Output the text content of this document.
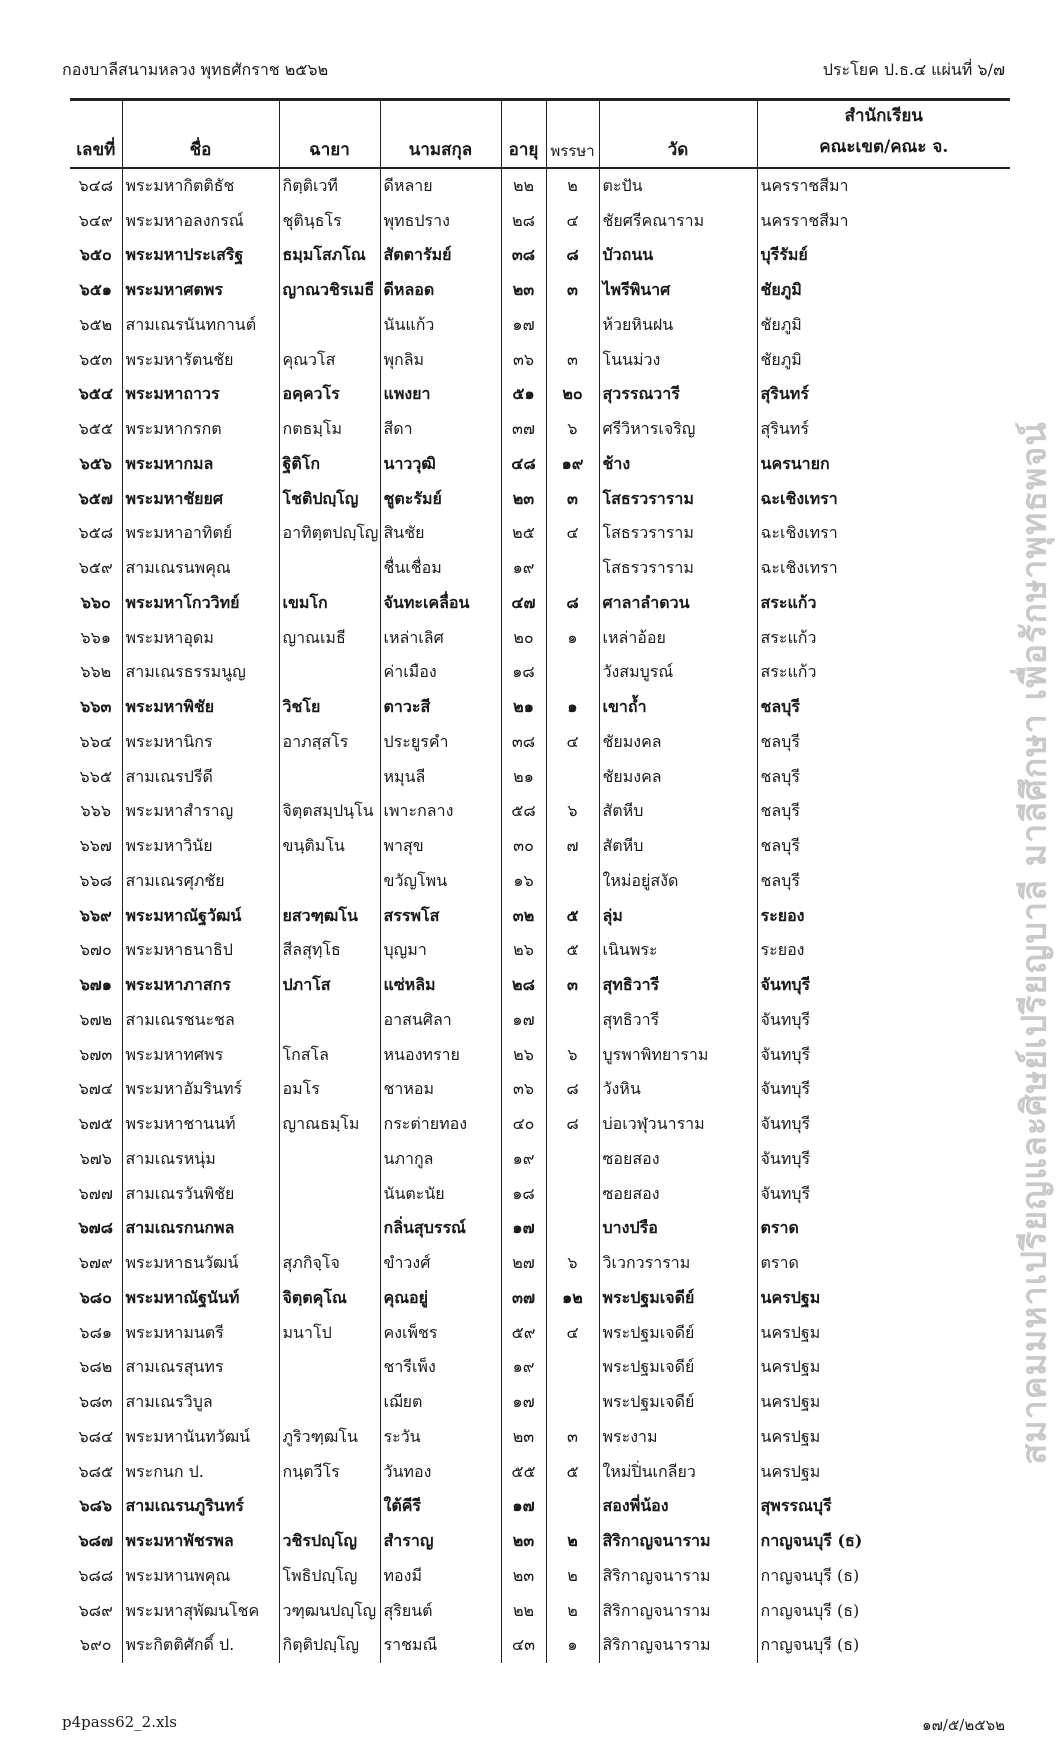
กองบาลีสนามหลวง พุทธศักราช ๒๕๖๒	ประโยค ป.ธ.๔ แผ่นที่ ๖/๗
เลขที่	ชื่อ	ฉายา	นามสกุล	อายุ	พรรษา	วัด	สำนักเรียน
คณะเขต/คณะ จ.

๖๔๘	พระมหากิตติธัช	กิตฺติเวที	ดีหลาย	๒๒	๒	ตะปัน	นครราชสีมา
๖๔๙	พระมหาอลงกรณ์	ชุตินฺธโร	พุทธปราง	๒๘	๔	ชัยศรีคณาราม	นครราชสีมา
๖๕๐	พระมหาประเสริฐ	ธมฺมโสภโณ	สัตตารัมย์	๓๘	๘	บัวถนน	บุรีรัมย์
๖๕๑	พระมหาศตพร	ญาณวชิรเมธี	ดีหลอด	๒๓	๓	ไพรีพินาศ	ชัยภูมิ
๖๕๒	สามเณรนันทกานต์		นันแก้ว	๑๗		ห้วยหินฝน	ชัยภูมิ
๖๕๓	พระมหารัตนชัย	คุณวโส	พุกลิม	๓๖	๓	โนนม่วง	ชัยภูมิ
๖๕๔	พระมหาถาวร	อคฺควโร	แพงยา	๕๑	๒๐	สุวรรณวารี	สุรินทร์
๖๕๕	พระมหากรกต	กตธมฺโม	สีดา	๓๗	๖	ศรีวิหารเจริญ	สุรินทร์
๖๕๖	พระมหากมล	ฐิติโก	นาววุฒิ	๔๘	๑๙	ช้าง	นครนายก
๖๕๗	พระมหาชัยยศ	โชติปญฺโญ	ชูตะรัมย์	๒๓	๓	โสธรวราราม	ฉะเชิงเทรา
๖๕๘	พระมหาอาทิตย์	อาทิตฺตปญฺโญ	สินชัย	๒๕	๔	โสธรวราราม	ฉะเชิงเทรา
๖๕๙	สามเณรนพคุณ		ชื่นเชื่อม	๑๙		โสธรวราราม	ฉะเชิงเทรา
๖๖๐	พระมหาโกววิทย์	เขมโก	จันทะเคลื่อน	๔๗	๘	ศาลาลำดวน	สระแก้ว
๖๖๑	พระมหาอุดม	ญาณเมธี	เหล่าเลิศ	๒๐	๑	เหล่าอ้อย	สระแก้ว
๖๖๒	สามเณรธรรมนูญ		ค่าเมือง	๑๘		วังสมบูรณ์	สระแก้ว
๖๖๓	พระมหาพิชัย	วิชโย	ตาวะสี	๒๑	๑	เขาถ้ำ	ชลบุรี
๖๖๔	พระมหานิกร	อาภสฺสโร	ประยูรคำ	๓๘	๔	ชัยมงคล	ชลบุรี
๖๖๕	สามเณรปรีดี		หมุนลี	๒๑		ชัยมงคล	ชลบุรี
๖๖๖	พระมหาสำราญ	จิตฺตสมฺปนฺโน	เพาะกลาง	๕๘	๖	สัตหีบ	ชลบุรี
๖๖๗	พระมหาวินัย	ขนฺติมโน	พาสุข	๓๐	๗	สัตหีบ	ชลบุรี
๖๖๘	สามเณรศุภชัย		ขวัญโพน	๑๖		ใหม่อยู่สงัด	ชลบุรี
๖๖๙	พระมหาณัฐวัฒน์	ยสวฑฺฒโน	สรรพโส	๓๒	๕	ลุ่ม	ระยอง
๖๗๐	พระมหาธนาธิป	สีลสุทฺโธ	บุญมา	๒๖	๕	เนินพระ	ระยอง
๖๗๑	พระมหาภาสกร	ปภาโส	แซ่หลิม	๒๘	๓	สุทธิวารี	จันทบุรี
๖๗๒	สามเณรชนะชล		อาสนศิลา	๑๗		สุทธิวารี	จันทบุรี
๖๗๓	พระมหาทศพร	โกสโล	หนองทราย	๒๖	๖	บูรพาพิทยาราม	จันทบุรี
๖๗๔	พระมหาอัมรินทร์	อมโร	ชาหอม	๓๖	๘	วังหิน	จันทบุรี
๖๗๕	พระมหาชานนท์	ญาณธมฺโม	กระต่ายทอง	๔๐	๘	บ่อเวฬุวนาราม	จันทบุรี
๖๗๖	สามเณรหนุ่ม		นภากูล	๑๙		ซอยสอง	จันทบุรี
๖๗๗	สามเณรวันพิชัย		นันตะนัย	๑๘		ซอยสอง	จันทบุรี
๖๗๘	สามเณรกนกพล		กลิ่นสุบรรณ์	๑๗		บางปรือ	ตราด
๖๗๙	พระมหาธนวัฒน์	สุภกิจฺโจ	ขำวงศ์	๒๗	๖	วิเวกวราราม	ตราด
๖๘๐	พระมหาณัฐนันท์	จิตฺตคุโณ	คุณอยู่	๓๗	๑๒	พระปฐมเจดีย์	นครปฐม
๖๘๑	พระมหามนตรี	มนาโป	คงเพ็ชร	๕๙	๔	พระปฐมเจดีย์	นครปฐม
๖๘๒	สามเณรสุนทร		ชารีเพ็ง	๑๙		พระปฐมเจดีย์	นครปฐม
๖๘๓	สามเณรวิบูล		เฌียต	๑๗		พระปฐมเจดีย์	นครปฐม
๖๘๔	พระมหานันทวัฒน์	ภูริวฑฺฒโน	ระวัน	๒๓	๓	พระงาม	นครปฐม
๖๘๕	พระกนก ป.	กนฺตวีโร	วันทอง	๕๕	๕	ใหม่ปิ่นเกลียว	นครปฐม
๖๘๖	สามเณรนภูรินทร์		ใต้คีรี	๑๗		สองพี่น้อง	สุพรรณบุรี
๖๘๗	พระมหาพัชรพล	วชิรปญฺโญ	สำราญ	๒๓	๒	สิริกาญจนาราม	กาญจนบุรี (ธ)
๖๘๘	พระมหานพคุณ	โพธิปญฺโญ	ทองมี	๒๓	๒	สิริกาญจนาราม	กาญจนบุรี (ธ)
๖๘๙	พระมหาสุพัฒนโชค	วฑฺฒนปญฺโญ	สุริยนต์	๒๒	๒	สิริกาญจนาราม	กาญจนบุรี (ธ)
๖๙๐	พระกิตติศักดิ์ ป.	กิตฺติปญฺโญ	ราชมณี	๔๓	๑	สิริกาญจนาราม	กาญจนบุรี (ธ)
สมาคมมหาเปรียญและศิษย์เปรียญบาลี มาลีศึกษา เพื่อรักษาพุทธพจน์
p4pass62_2.xls	๑๗/๕/๒๕๖๒
